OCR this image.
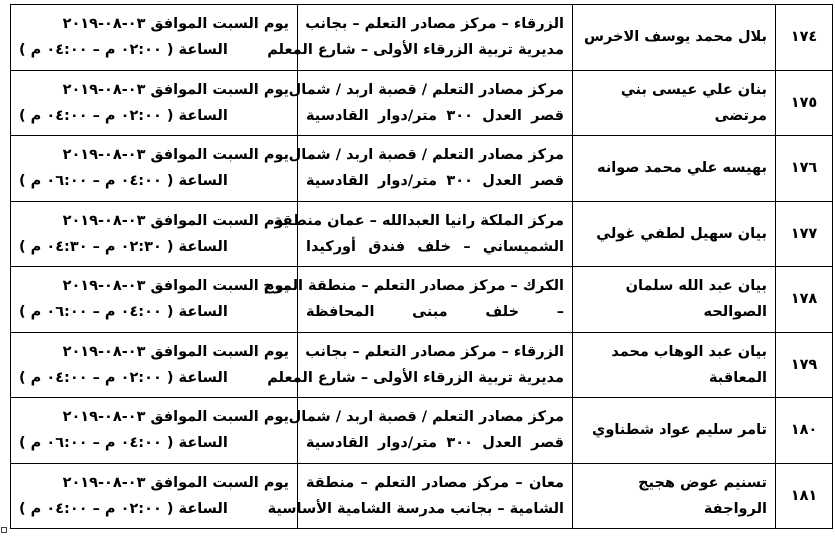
١٧٤	بلال محمد يوسف الاخرس	الزرقاء – مركز مصادر التعلم – بجانب
مديرية تربية الزرقاء الأولى – شارع المعلم	يوم السبت الموافق ٠٣-٠٨-٢٠١٩
الساعة ( ٠٢:٠٠ م – ٠٤:٠٠ م )

١٧٥	بنان علي عيسى بني مرتضى	مركز مصادر التعلم / قصبة اربد / شمال
قصر العدل ٣٠٠ متر/دوار القادسية	يوم السبت الموافق ٠٣-٠٨-٢٠١٩
الساعة ( ٠٢:٠٠ م – ٠٤:٠٠ م )

١٧٦	بهيسه علي محمد صوانه	مركز مصادر التعلم / قصبة اربد / شمال
قصر العدل ٣٠٠ متر/دوار القادسية	يوم السبت الموافق ٠٣-٠٨-٢٠١٩
الساعة ( ٠٤:٠٠ م – ٠٦:٠٠ م )

١٧٧	بيان سهيل لطفي غولي	مركز الملكة رانيا العبدالله – عمان منطقة
الشميساني – خلف فندق أوركيدا	يوم السبت الموافق ٠٣-٠٨-٢٠١٩
الساعة ( ٠٢:٣٠ م – ٠٤:٣٠ م )

١٧٨	بيان عبد الله سلمان الصوالحه	الكرك – مركز مصادر التعلم – منطقة المرج
– خلف مبنى المحافظة	يوم السبت الموافق ٠٣-٠٨-٢٠١٩
الساعة ( ٠٤:٠٠ م – ٠٦:٠٠ م )

١٧٩	بيان عبد الوهاب محمد المعاقبة	الزرقاء – مركز مصادر التعلم – بجانب
مديرية تربية الزرقاء الأولى – شارع المعلم	يوم السبت الموافق ٠٣-٠٨-٢٠١٩
الساعة ( ٠٢:٠٠ م – ٠٤:٠٠ م )

١٨٠	تامر سليم عواد شطناوي	مركز مصادر التعلم / قصبة اربد / شمال
قصر العدل ٣٠٠ متر/دوار القادسية	يوم السبت الموافق ٠٣-٠٨-٢٠١٩
الساعة ( ٠٤:٠٠ م – ٠٦:٠٠ م )

١٨١	تسنيم عوض هجيج الرواجفة	معان – مركز مصادر التعلم – منطقة
الشامية – بجانب مدرسة الشامية الأساسية	يوم السبت الموافق ٠٣-٠٨-٢٠١٩
الساعة ( ٠٢:٠٠ م – ٠٤:٠٠ م )
